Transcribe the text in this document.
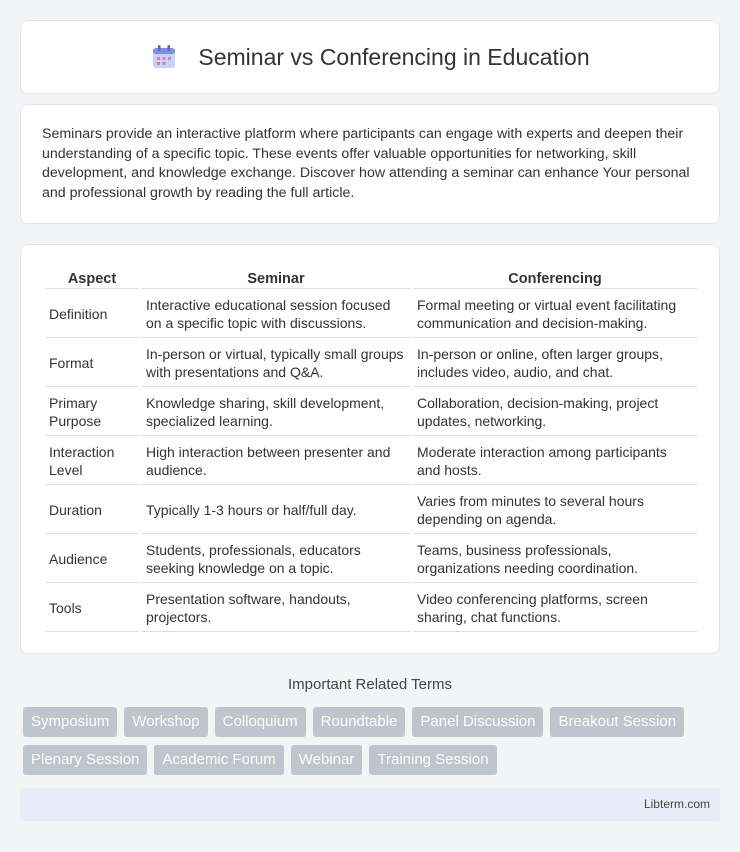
Seminar vs Conferencing in Education

Seminars provide an interactive platform where participants can engage with experts and deepen their understanding of a specific topic. These events offer valuable opportunities for networking, skill development, and knowledge exchange. Discover how attending a seminar can enhance Your personal and professional growth by reading the full article.

Aspect	Seminar	Conferencing
Definition	Interactive educational session focused on a specific topic with discussions.	Formal meeting or virtual event facilitating communication and decision-making.
Format	In-person or virtual, typically small groups with presentations and Q&A.	In-person or online, often larger groups, includes video, audio, and chat.
Primary Purpose	Knowledge sharing, skill development, specialized learning.	Collaboration, decision-making, project updates, networking.
Interaction Level	High interaction between presenter and audience.	Moderate interaction among participants and hosts.
Duration	Typically 1-3 hours or half/full day.	Varies from minutes to several hours depending on agenda.
Audience	Students, professionals, educators seeking knowledge on a topic.	Teams, business professionals, organizations needing coordination.
Tools	Presentation software, handouts, projectors.	Video conferencing platforms, screen sharing, chat functions.
Important Related Terms
Symposium	Workshop	Colloquium	Roundtable	Panel Discussion	Breakout Session
Plenary Session	Academic Forum	Webinar	Training Session
Libterm.com
